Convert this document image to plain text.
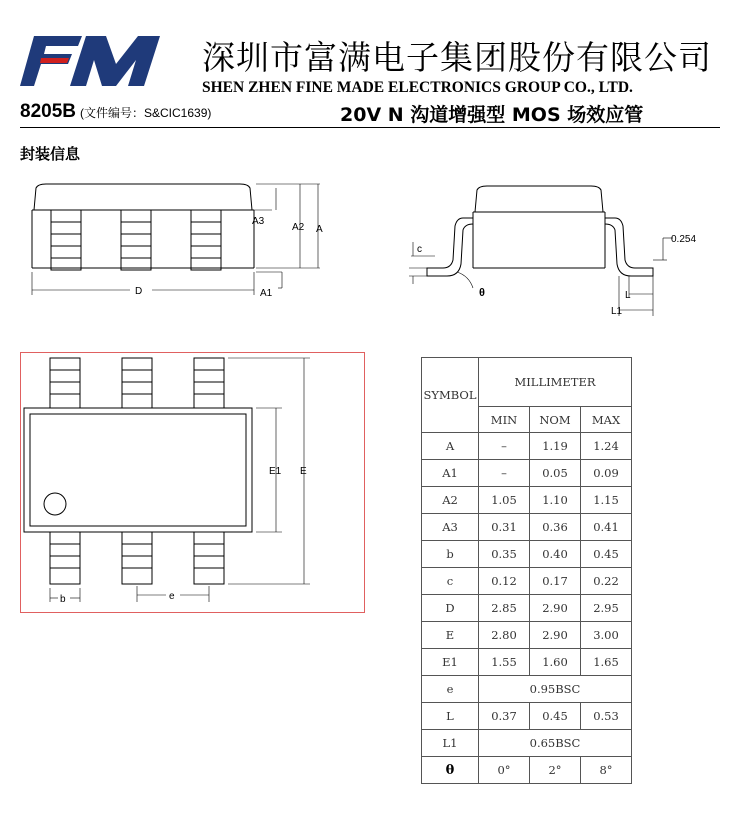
深圳市富满电子集团股份有限公司
SHEN ZHEN FINE MADE ELECTRONICS GROUP CO., LTD.
8205B (文件编号：S&CIC1639)	20V N 沟道增强型 MOS 场效应管
封装信息
A3
A2 A
A1
D
c
0.254
θ	L
L1
E1 E
b	e
SYMBOL	MILLIMETER		
	MIN	NOM	MAX
A	–	1.19	1.24
A1	–	0.05	0.09
A2	1.05	1.10	1.15
A3	0.31	0.36	0.41
b	0.35	0.40	0.45
c	0.12	0.17	0.22
D	2.85	2.90	2.95
E	2.80	2.90	3.00
E1	1.55	1.60	1.65
e	0.95BSC		
L	0.37	0.45	0.53
L1	0.65BSC		
θ	0°	2°	8°
